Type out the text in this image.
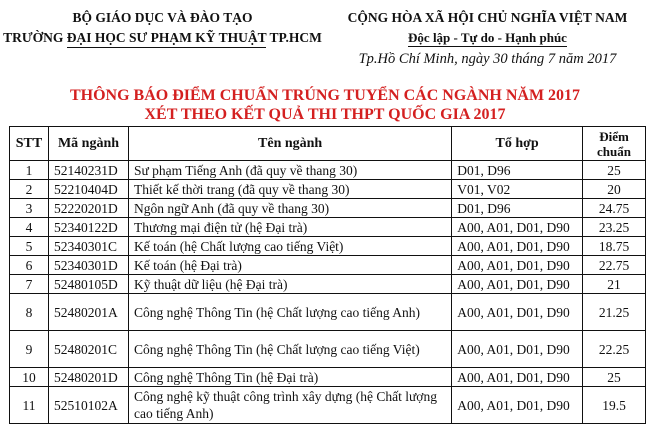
BỘ GIÁO DỤC VÀ ĐÀO TẠO
TRƯỜNG ĐẠI HỌC SƯ PHẠM KỸ THUẬT TP.HCM
CỘNG HÒA XÃ HỘI CHỦ NGHĨA VIỆT NAM
Độc lập - Tự do - Hạnh phúc
Tp.Hồ Chí Minh, ngày 30 tháng 7 năm 2017
THÔNG BÁO ĐIỂM CHUẨN TRÚNG TUYỂN CÁC NGÀNH NĂM 2017
XÉT THEO KẾT QUẢ THI THPT QUỐC GIA 2017
STT	Mã ngành	Tên ngành	Tổ hợp	Điểm
chuẩn
1	52140231D	Sư phạm Tiếng Anh (đã quy về thang 30)	D01, D96	25
2	52210404D	Thiết kế thời trang (đã quy về thang 30)	V01, V02	20
3	52220201D	Ngôn ngữ Anh (đã quy về thang 30)	D01, D96	24.75
4	52340122D	Thương mại điện tử (hệ Đại trà)	A00, A01, D01, D90	23.25
5	52340301C	Kế toán (hệ Chất lượng cao tiếng Việt)	A00, A01, D01, D90	18.75
6	52340301D	Kế toán (hệ Đại trà)	A00, A01, D01, D90	22.75
7	52480105D	Kỹ thuật dữ liệu (hệ Đại trà)	A00, A01, D01, D90	21
8	52480201A	Công nghệ Thông Tin (hệ Chất lượng cao tiếng Anh)	A00, A01, D01, D90	21.25
9	52480201C	Công nghệ Thông Tin (hệ Chất lượng cao tiếng Việt)	A00, A01, D01, D90	22.25
10	52480201D	Công nghệ Thông Tin (hệ Đại trà)	A00, A01, D01, D90	25
11	52510102A	Công nghệ kỹ thuật công trình xây dựng (hệ Chất lượng cao tiếng Anh)	A00, A01, D01, D90	19.5
